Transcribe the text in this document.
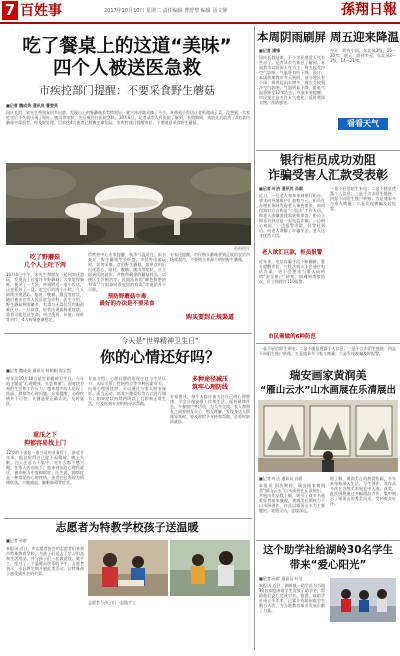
7 百姓事	2017年10月10日 星期二 责任编辑 曹舒黎 编辑 汤文静	孫翔日報
吃了餐桌上的这道“美味”
四个人被送医急救
市疾控部门提醒：不要采食野生蘑菇
■记者 魏成英 通讯员 曹要英
国庆长假，宋先生带朋友回乡出游，发现山上的野蘑菇长势特别好，就兴冲冲地采摘了不少，并带到小饭店让老板做成了菜。没想到，大家吃完后不久就出现了呕吐、腹泻等症状，先后被送往医院急救。10月8日，记者从市人民医院了解到，长假期间，该院先后收治了4名食用蘑菇中毒患者。经及时处理，目前这4名患者已脱离生命危险。市疾控部门提醒市民，不要随意采食野生蘑菇。
资料图片
吃了野蘑菇
几个人上吐下泻
10月4日中午，宋先生和朋友一起到郊区游玩，发现山上长着许多野蘑菇，大家觉得新鲜，便采了一大袋，带到附近一家小饭店，让老板炒了一盘。吃完后约两个小时，几人陆续出现恶心、呕吐、腹痛、腹泻等症状，随后被送往市人民医院急诊科。医生介绍，野生蘑菇种类繁多，有毒与无毒仅凭肉眼很难区分，一旦误食，轻者出现胃肠道症状，重者可能危及生命。经过洗胃、补液、保肝等治疗，4人病情逐渐稳定。
市疾控中心专家提醒，秋季气温适宜，雨水充足，野生蘑菇生长旺盛，市民外出游玩时，切勿采摘、食用野生蘑菇。如果食用后出现恶心、呕吐、腹痛、腹泻等症状，应立即到医院就诊，并携带剩余的蘑菇样品，以便医生诊断治疗。民间流传的“颜色鲜艳的有毒”“与银器同煮变黑的有毒”等说法并不可靠。
预防野蘑菇中毒
最好的办法是不要采食
专家还提醒，市民购买蘑菇要到正规的农贸市场或超市，不要购买来源不明的野生蘑菇。
购买要到正规渠道
本周阴雨刷屏 周五迎来降温
■记者 潘锋
国庆长假结束，不少市民感觉天气有些凉了。记者从市气象台了解到，本周我市以阴雨天气为主，周五起受冷空气影响，气温将有所下降。预计，本周前期我市多云到阴，部分地区有小雨；周四起雨水增多，周五受较强冷空气影响，气温明显下降，最低气温将降至12℃左右。气象专家提醒，市民要注意关注天气变化，适时增添衣物，预防感冒。
今天：阴有小雨，东北风3级，15～20℃；明天：阴到多云，东北风2～3级，14～21℃。
看看天气
银行柜员成功劝阻
诈骗受害人汇款受表彰
■记者 叶洁 通讯员 孙群
近日，一位老人匆匆来到银行柜台，要求向外地账户汇款数万元。柜员在办理业务时发现老人神色慌张，询问得知对方自称是“公检法”工作人员，称老人涉嫌洗钱需转账审查。柜员立即意识到这是一起电信诈骗，一边耐心劝说，一边报警求助。民警赶到后，向老人讲解了诈骗手法，老人这才恍然大悟。
老人欲汇巨款，柜员报警
近年来，电信诈骗手段不断翻新，警方提醒市民，公检法机关不会通过电话办案，更不会要求当事人向所谓“安全账户”转账。如遇到类似情况，应立即拨打110报警。
一是不轻信陌生来电；二是不随意透露个人信息；三是不点击陌生链接；四是不向陌生账户转账；五是遇事多与家人商量；六是发现被骗及时报警。
市民需做的6种防范
今天是“世界精神卫生日”
你的心情还好吗？
■记者 魏成英 通讯员 柯娟娟 郑宝霞
每年的10月10日是世界精神卫生日。今年的主题是“心理健康，社会和谐”。面对快节奏的生活和工作压力，越来越多的人出现了焦虑、抑郁等心理问题。专家提醒，心理疾病并不可怕，关键是要正确认识，及时就医。
重压之下
抑郁容易找上门
32岁的小张是一家公司的业务骨干，最近半年来，他总觉得自己提不起精神，晚上失眠，白天注意力不集中，对什么都不感兴趣。在家人的劝说下，他来到医院心理科就诊，被诊断为中度抑郁症。医生说，抑郁症是一种常见的心理疾病，患者往往表现为情绪低落、兴趣减退、睡眠障碍等症状。
专家介绍，心理问题的出现往往与生活压力、人际关系、性格特点等多种因素有关。出现心理困扰时，可以通过与家人朋友倾诉、适当运动、培养兴趣爱好等方式进行调节；如果症状持续两周以上且影响正常生活，应及时到专业机构寻求帮助。
多种途径减压
筑牢心理防线
专家建议，每个人都应该关注自己的心理健康，学会合理安排工作和生活，保持规律作息，多参加户外活动，与人多交流。家人和朋友之间要相互关心、相互理解，发现身边人情绪异常时，要及时给予支持和帮助，必要时陪同就医。
志愿者为特教学校孩子送温暖
■记者 孙群
本报讯 近日，市志愿者协会的志愿者们来到市特殊教育学校，为孩子们送去了学习用品和生活用品，并与孩子们一起做游戏、做手工，度过了一个温暖而快乐的下午。志愿者表示，今后将定期开展此类活动，让特殊孩子感受到社会的关爱。
志愿者与孩子们一起做手工
一是不轻信陌生来电；二是不随意透露个人信息；三是不点击陌生链接；四是不向陌生账户转账；五是遇事多与家人商量；六是发现被骗及时报警。
瑞安画家黄润美
“雁山云水”山水画展在乐清展出
■记者 叶洁 通讯员 孙群
本报讯 国庆期间，瑞安画家黄润美“雁山云水”山水画展在乐清展出，共展出作品数十幅，吸引了众多书画爱好者前来参观。黄润美长期致力于山水画创作，作品以雁荡山水为主要题材，笔墨灵动，意境深远。
据了解，黄润美自幼热爱绘画，多年来坚持深入生活、写生创作，其作品多次在各级美术展览中入选、获奖。此次画展通过多幅精品力作，集中展示了雁荡山的秀美风光，受到观众好评。
这个助学社给湖岭30名学生
带来“爱心阳光”
■记者 孙群 通讯员 叶洁
本报讯 近日，湖岭镇一助学社为当地30名家庭困难学生发放了助学金，帮助他们安心完成学业。据悉，该助学社成立多年来，已累计资助困难学生数百人次，为当地教育事业发展贡献了力量。
